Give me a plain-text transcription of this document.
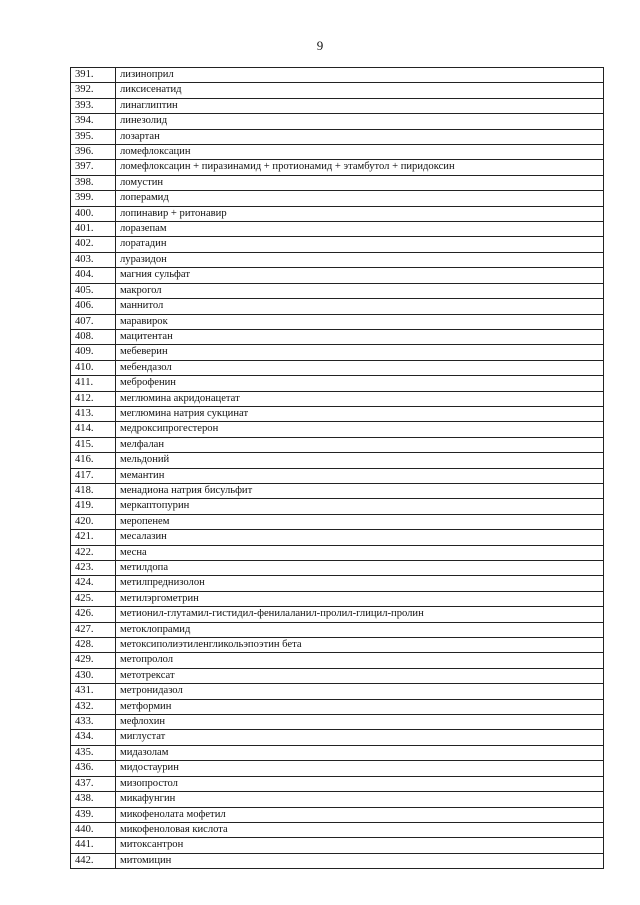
9
391.	лизиноприл
392.	ликсисенатид
393.	линаглиптин
394.	линезолид
395.	лозартан
396.	ломефлоксацин
397.	ломефлоксацин + пиразинамид + протионамид + этамбутол + пиридоксин
398.	ломустин
399.	лоперамид
400.	лопинавир + ритонавир
401.	лоразепам
402.	лоратадин
403.	луразидон
404.	магния сульфат
405.	макрогол
406.	маннитол
407.	маравирок
408.	мацитентан
409.	мебеверин
410.	мебендазол
411.	меброфенин
412.	меглюмина акридонацетат
413.	меглюмина натрия сукцинат
414.	медроксипрогестерон
415.	мелфалан
416.	мельдоний
417.	мемантин
418.	менадиона натрия бисульфит
419.	меркаптопурин
420.	меропенем
421.	месалазин
422.	месна
423.	метилдопа
424.	метилпреднизолон
425.	метилэргометрин
426.	метионил-глутамил-гистидил-фенилаланил-пролил-глицил-пролин
427.	метоклопрамид
428.	метоксиполиэтиленгликольэпоэтин бета
429.	метопролол
430.	метотрексат
431.	метронидазол
432.	метформин
433.	мефлохин
434.	миглустат
435.	мидазолам
436.	мидостаурин
437.	мизопростол
438.	микафунгин
439.	микофенолата мофетил
440.	микофеноловая кислота
441.	митоксантрон
442.	митомицин
